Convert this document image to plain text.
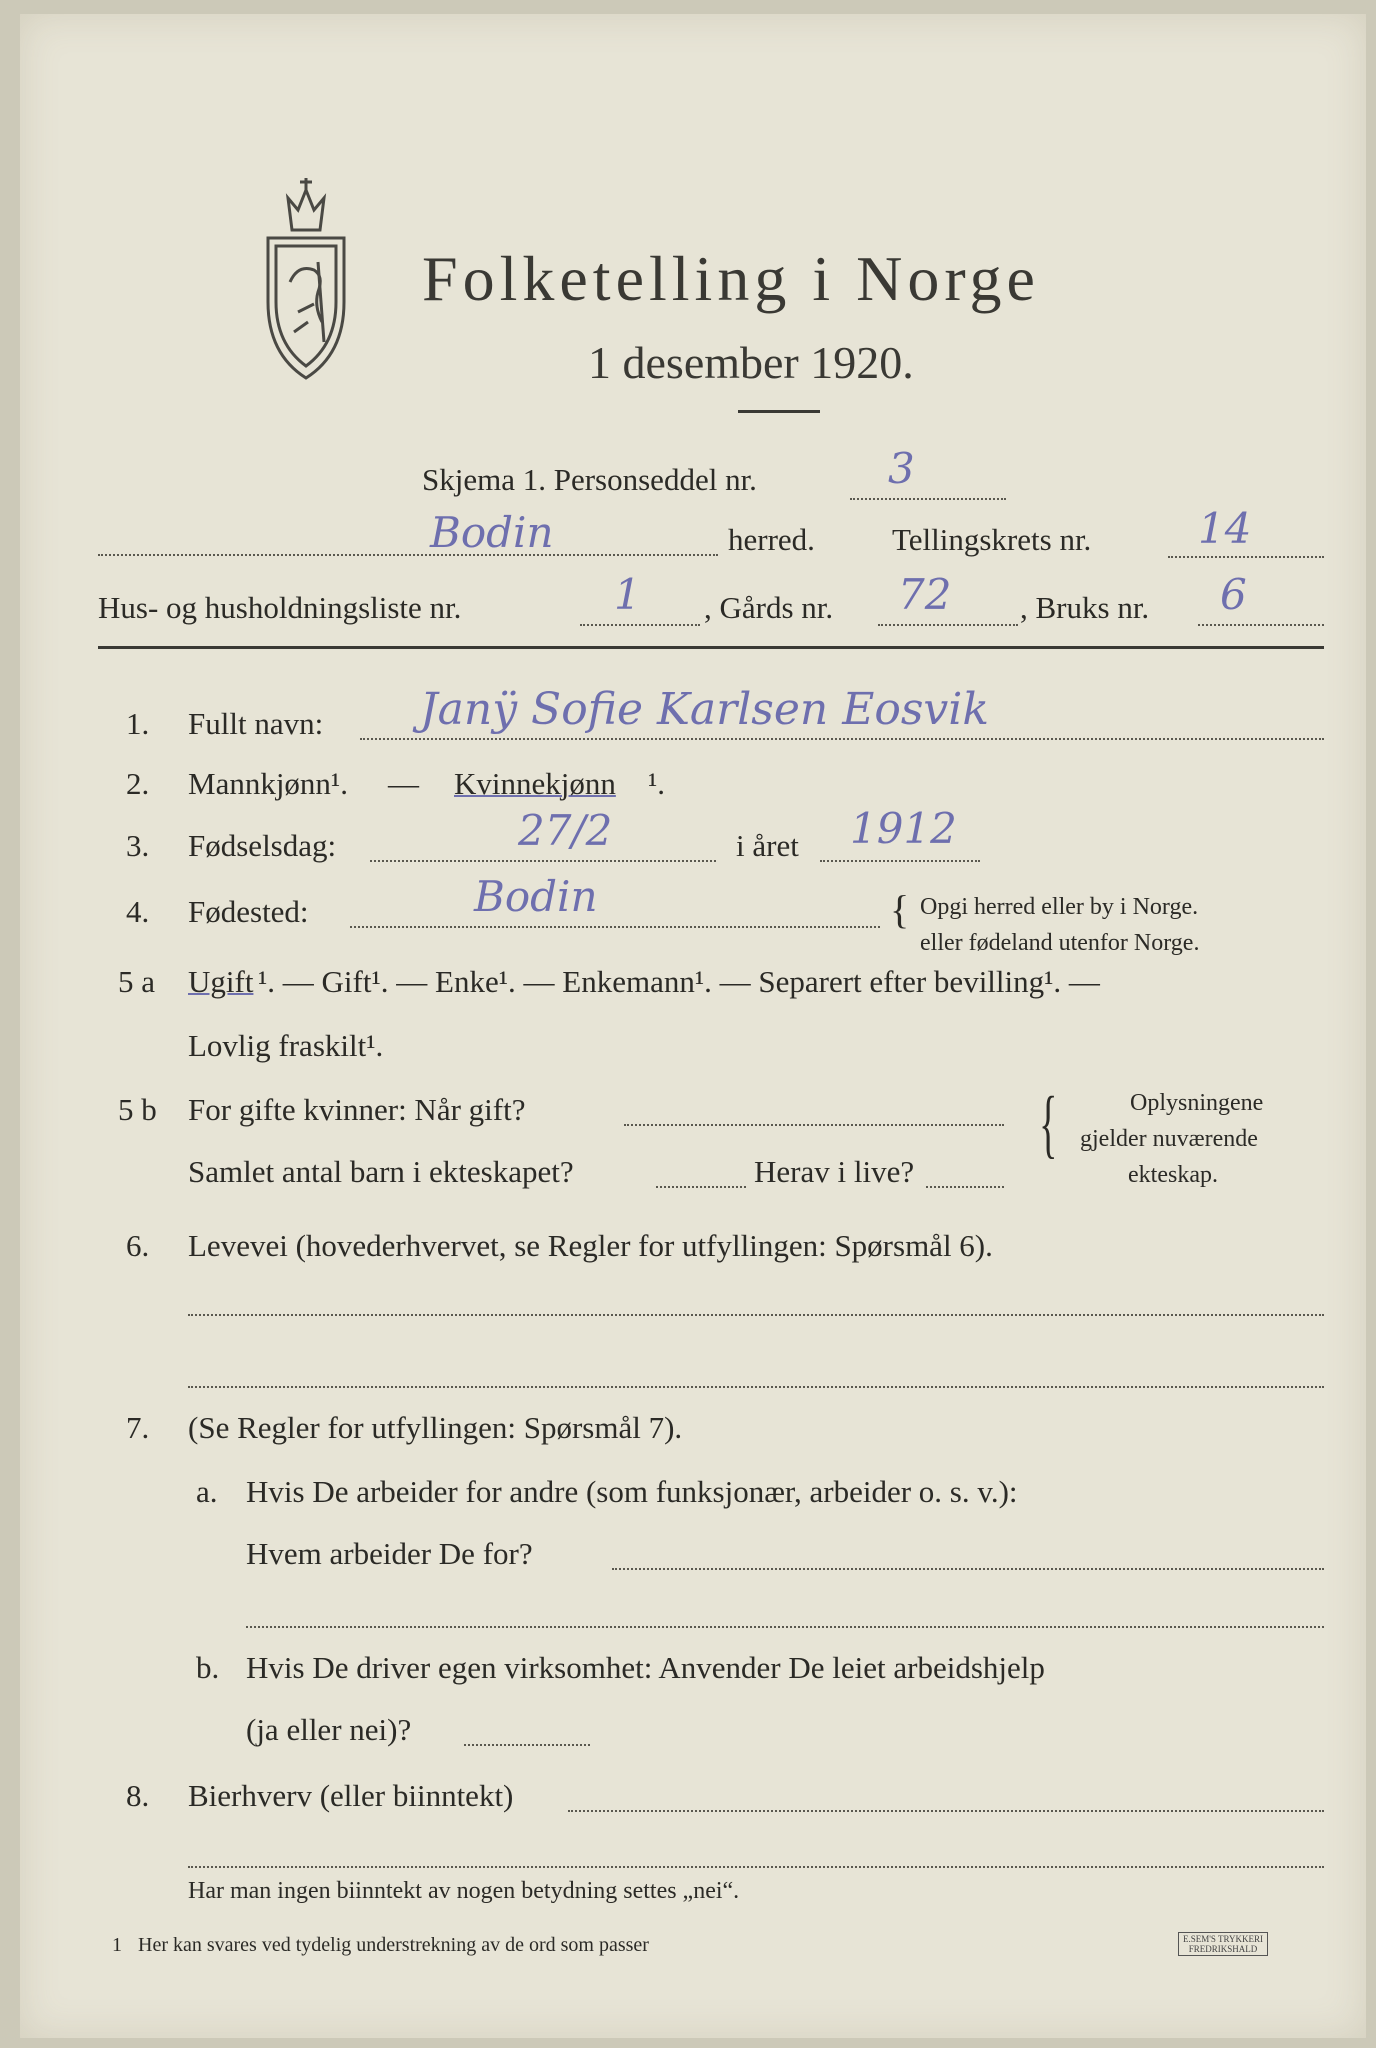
Folketelling i Norge
1 desember 1920.
Skjema 1. Personseddel nr.	3
Bodin	herred. Tellingskrets nr.	14
Hus- og husholdningsliste nr.	1 , Gårds nr. 72 , Bruks nr. 6
1. Fullt navn: Janÿ Sofie Karlsen Eosvik
2. Mannkjønn¹. — Kvinnekjønn ¹.
3. Fødselsdag:	27/2	i året 1912
4. Fødested:	Bodin	{ Opgi herred eller by i Norge.
eller fødeland utenfor Norge.
5 a Ugift ¹. — Gift¹. — Enke¹. — Enkemann¹. — Separert efter bevilling¹. —
Lovlig fraskilt¹.
5 b For gifte kvinner: Når gift?
Samlet antal barn i ekteskapet?	Herav i live?
{	Oplysningene
gjelder nuværende
ekteskap.
6. Levevei (hovederhvervet, se Regler for utfyllingen: Spørsmål 6).
7. (Se Regler for utfyllingen: Spørsmål 7).
a. Hvis De arbeider for andre (som funksjonær, arbeider o. s. v.):
Hvem arbeider De for?
b. Hvis De driver egen virksomhet: Anvender De leiet arbeidshjelp
(ja eller nei)?
8. Bierhverv (eller biinntekt)
Har man ingen biinntekt av nogen betydning settes „nei“.
1 Her kan svares ved tydelig understrekning av de ord som passer	E.SEM'S TRYKKERI
FREDRIKSHALD
